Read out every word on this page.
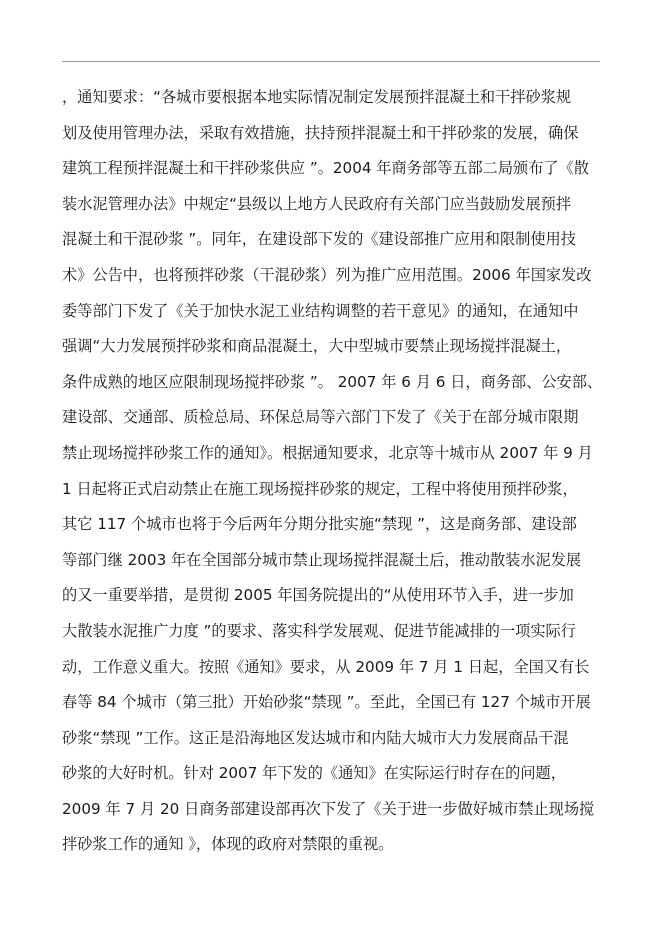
，通知要求：“各城市要根据本地实际情况制定发展预拌混凝土和干拌砂浆规
划及使用管理办法，采取有效措施，扶持预拌混凝土和干拌砂浆的发展，确保
建筑工程预拌混凝土和干拌砂浆供应 ”。2004 年商务部等五部二局颁布了《散
装水泥管理办法》中规定“县级以上地方人民政府有关部门应当鼓励发展预拌
混凝土和干混砂浆 ”。同年，在建设部下发的《建设部推广应用和限制使用技
术》公告中，也将预拌砂浆（干混砂浆）列为推广应用范围。2006 年国家发改
委等部门下发了《关于加快水泥工业结构调整的若干意见》的通知，在通知中
强调“大力发展预拌砂浆和商品混凝土，大中型城市要禁止现场搅拌混凝土，
条件成熟的地区应限制现场搅拌砂浆 ”。 2007 年 6 月 6 日，商务部、公安部、
建设部、交通部、质检总局、环保总局等六部门下发了《关于在部分城市限期
禁止现场搅拌砂浆工作的通知》。根据通知要求，北京等十城市从 2007 年 9 月
1 日起将正式启动禁止在施工现场搅拌砂浆的规定，工程中将使用预拌砂浆，
其它 117 个城市也将于今后两年分期分批实施“禁现 ”，这是商务部、建设部
等部门继 2003 年在全国部分城市禁止现场搅拌混凝土后，推动散装水泥发展
的又一重要举措，是贯彻 2005 年国务院提出的“从使用环节入手，进一步加
大散装水泥推广力度 ”的要求、落实科学发展观、促进节能减排的一项实际行
动，工作意义重大。按照《通知》要求，从 2009 年 7 月 1 日起，全国又有长
春等 84 个城市（第三批）开始砂浆“禁现 ”。至此，全国已有 127 个城市开展
砂浆“禁现 ”工作。这正是沿海地区发达城市和内陆大城市大力发展商品干混
砂浆的大好时机。针对 2007 年下发的《通知》在实际运行时存在的问题，
2009 年 7 月 20 日商务部建设部再次下发了《关于进一步做好城市禁止现场搅
拌砂浆工作的通知 》，体现的政府对禁限的重视。
